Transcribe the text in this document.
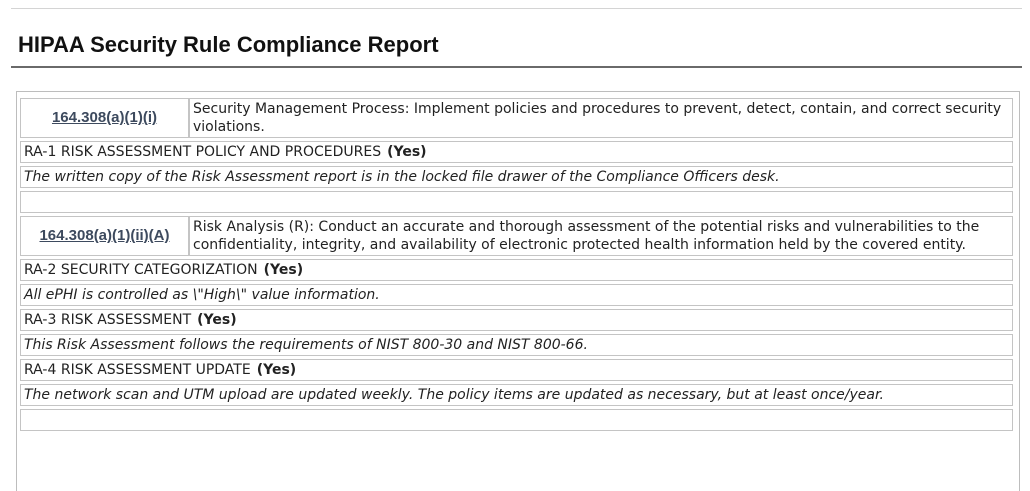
HIPAA Security Rule Compliance Report
164.308(a)(1)(i)	Security Management Process: Implement policies and procedures to prevent, detect, contain, and correct security violations.
RA-1 RISK ASSESSMENT POLICY AND PROCEDURES (Yes)	
The written copy of the Risk Assessment report is in the locked file drawer of the Compliance Officers desk.	

164.308(a)(1)(ii)(A)	Risk Analysis (R): Conduct an accurate and thorough assessment of the potential risks and vulnerabilities to the confidentiality, integrity, and availability of electronic protected health information held by the covered entity.
RA-2 SECURITY CATEGORIZATION (Yes)	
All ePHI is controlled as \"High\" value information.	
RA-3 RISK ASSESSMENT (Yes)	
This Risk Assessment follows the requirements of NIST 800-30 and NIST 800-66.	
RA-4 RISK ASSESSMENT UPDATE (Yes)	
The network scan and UTM upload are updated weekly. The policy items are updated as necessary, but at least once/year.	
